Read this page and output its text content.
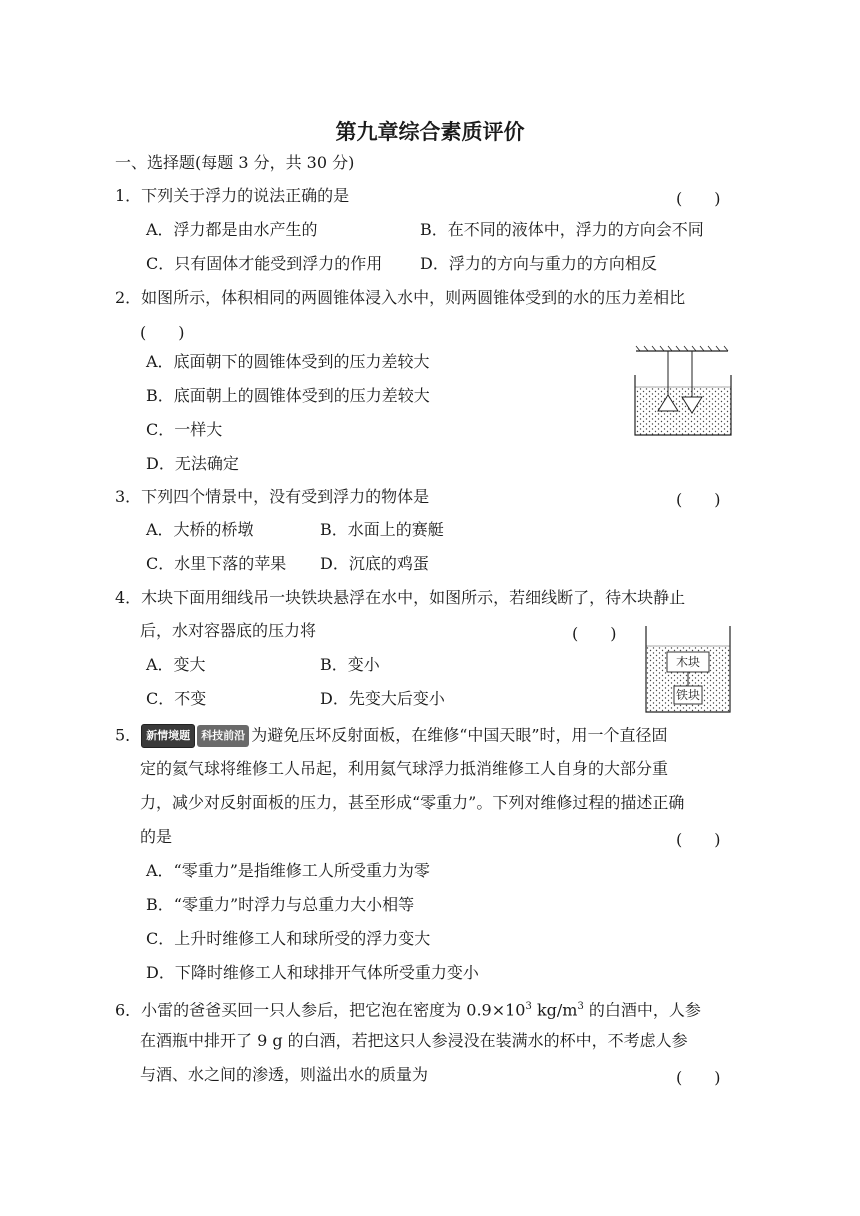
第九章综合素质评价
一、选择题(每题 3 分，共 30 分)
1．下列关于浮力的说法正确的是	(　　)
A．浮力都是由水产生的	B．在不同的液体中，浮力的方向会不同
C．只有固体才能受到浮力的作用 D．浮力的方向与重力的方向相反
2．如图所示，体积相同的两圆锥体浸入水中，则两圆锥体受到的水的压力差相比
(　　)
A．底面朝下的圆锥体受到的压力差较大
B．底面朝上的圆锥体受到的压力差较大
C．一样大
D．无法确定
3．下列四个情景中，没有受到浮力的物体是	(　　)
A．大桥的桥墩	B．水面上的赛艇
C．水里下落的苹果 D．沉底的鸡蛋
4．木块下面用细线吊一块铁块悬浮在水中，如图所示，若细线断了，待木块静止
后，水对容器底的压力将	(　　)
A．变大	B．变小
C．不变	D．先变大后变小
木块
铁块
5． 新情境题 科技前沿 为避免压坏反射面板，在维修“中国天眼”时，用一个直径固
定的氦气球将维修工人吊起，利用氦气球浮力抵消维修工人自身的大部分重
力，减少对反射面板的压力，甚至形成“零重力”。下列对维修过程的描述正确
的是	(　　)
A．“零重力”是指维修工人所受重力为零
B．“零重力”时浮力与总重力大小相等
C．上升时维修工人和球所受的浮力变大
D．下降时维修工人和球排开气体所受重力变小
6．小雷的爸爸买回一只人参后，把它泡在密度为 $0.9\times 10^3$ $kg/m^3$ 的白酒中，人参
在酒瓶中排开了 9 g 的白酒，若把这只人参浸没在装满水的杯中，不考虑人参
与酒、水之间的渗透，则溢出水的质量为	(　　)
